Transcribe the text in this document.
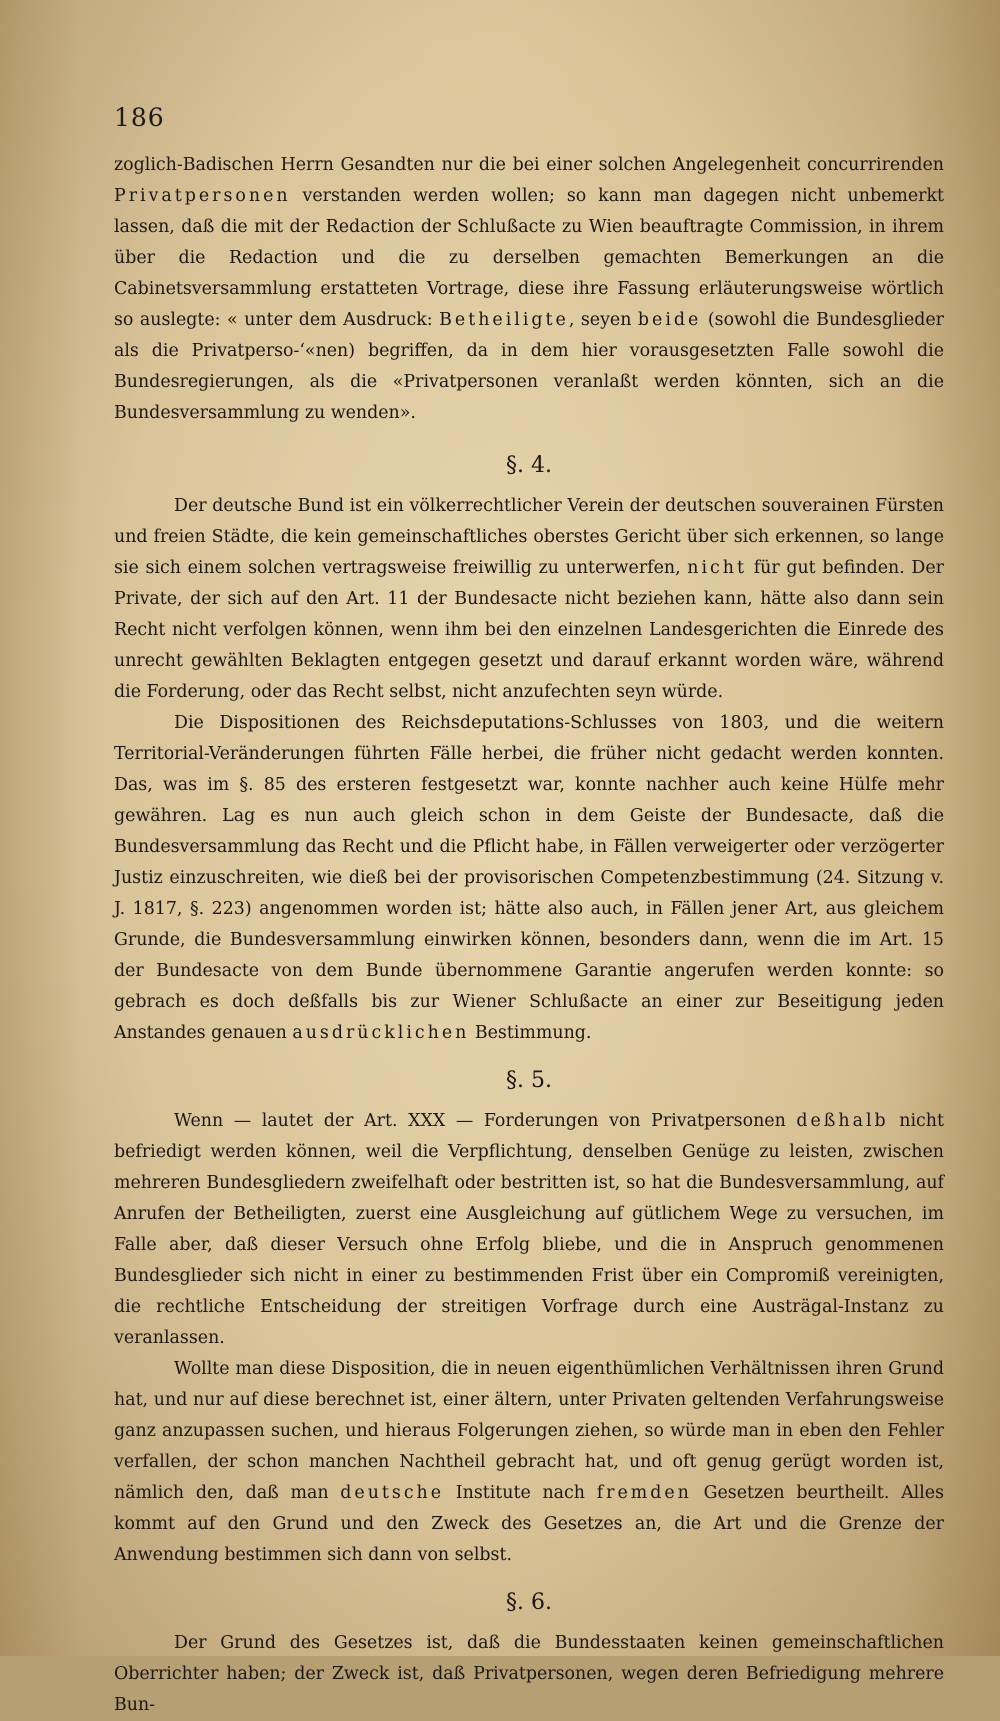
186

zoglich-Badischen Herrn Gesandten nur die bei einer solchen Angelegenheit concurrirenden Privatpersonen verstanden werden wollen; so kann man dagegen nicht unbemerkt lassen, daß die mit der Redaction der Schlußacte zu Wien beauftragte Commission, in ihrem über die Redaction und die zu derselben gemachten Bemerkungen an die Cabinetsversammlung erstatteten Vortrage, diese ihre Fassung erläuterungsweise wörtlich so auslegte: « unter dem Ausdruck: Betheiligte, seyen beide (sowohl die Bundesglieder als die Privatperso-‘«nen) begriffen, da in dem hier vorausgesetzten Falle sowohl die Bundesregierungen, als die «Privatpersonen veranlaßt werden könnten, sich an die Bundesversammlung zu wenden».

§. 4.

Der deutsche Bund ist ein völkerrechtlicher Verein der deutschen souverainen Fürsten und freien Städte, die kein gemeinschaftliches oberstes Gericht über sich erkennen, so lange sie sich einem solchen vertragsweise freiwillig zu unterwerfen, nicht für gut befinden. Der Private, der sich auf den Art. 11 der Bundesacte nicht beziehen kann, hätte also dann sein Recht nicht verfolgen können, wenn ihm bei den einzelnen Landesgerichten die Einrede des unrecht gewählten Beklagten entgegen gesetzt und darauf erkannt worden wäre, während die Forderung, oder das Recht selbst, nicht anzufechten seyn würde.

Die Dispositionen des Reichsdeputations-Schlusses von 1803, und die weitern Territorial-Veränderungen führten Fälle herbei, die früher nicht gedacht werden konnten. Das, was im §. 85 des ersteren festgesetzt war, konnte nachher auch keine Hülfe mehr gewähren. Lag es nun auch gleich schon in dem Geiste der Bundesacte, daß die Bundesversammlung das Recht und die Pflicht habe, in Fällen verweigerter oder verzögerter Justiz einzuschreiten, wie dieß bei der provisorischen Competenzbestimmung (24. Sitzung v. J. 1817, §. 223) angenommen worden ist; hätte also auch, in Fällen jener Art, aus gleichem Grunde, die Bundesversammlung einwirken können, besonders dann, wenn die im Art. 15 der Bundesacte von dem Bunde übernommene Garantie angerufen werden konnte: so gebrach es doch deßfalls bis zur Wiener Schlußacte an einer zur Beseitigung jeden Anstandes genauen ausdrücklichen Bestimmung.

§. 5.

Wenn — lautet der Art. XXX — Forderungen von Privatpersonen deßhalb nicht befriedigt werden können, weil die Verpflichtung, denselben Genüge zu leisten, zwischen mehreren Bundesgliedern zweifelhaft oder bestritten ist, so hat die Bundesversammlung, auf Anrufen der Betheiligten, zuerst eine Ausgleichung auf gütlichem Wege zu versuchen, im Falle aber, daß dieser Versuch ohne Erfolg bliebe, und die in Anspruch genommenen Bundesglieder sich nicht in einer zu bestimmenden Frist über ein Compromiß vereinigten, die rechtliche Entscheidung der streitigen Vorfrage durch eine Austrägal-Instanz zu veranlassen.

Wollte man diese Disposition, die in neuen eigenthümlichen Verhältnissen ihren Grund hat, und nur auf diese berechnet ist, einer ältern, unter Privaten geltenden Verfahrungsweise ganz anzupassen suchen, und hieraus Folgerungen ziehen, so würde man in eben den Fehler verfallen, der schon manchen Nachtheil gebracht hat, und oft genug gerügt worden ist, nämlich den, daß man deutsche Institute nach fremden Gesetzen beurtheilt. Alles kommt auf den Grund und den Zweck des Gesetzes an, die Art und die Grenze der Anwendung bestimmen sich dann von selbst.

§. 6.

Der Grund des Gesetzes ist, daß die Bundesstaaten keinen gemeinschaftlichen Oberrichter haben; der Zweck ist, daß Privatpersonen, wegen deren Befriedigung mehrere Bun-
